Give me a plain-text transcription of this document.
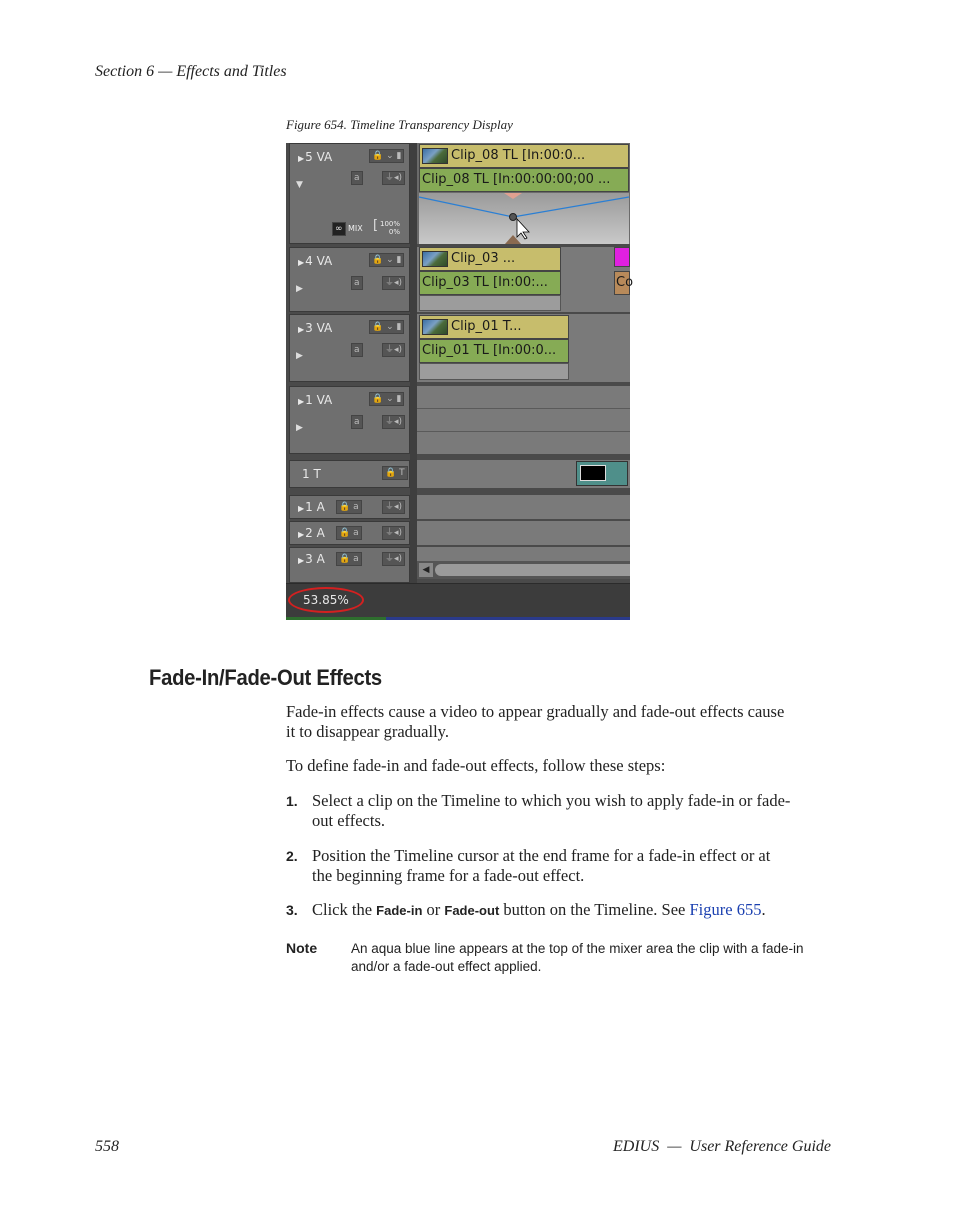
Section 6 — Effects and Titles
Figure 654. Timeline Transparency Display
▶5 VA	🔒 ⌄ ▮
a	⏚◂)
▼
∞ MIX [ 100%
0%
▶4 VA	🔒 ⌄ ▮
a	⏚◂)
▶
▶3 VA	🔒 ⌄ ▮
a	⏚◂)
▶
▶1 VA	🔒 ⌄ ▮
a	⏚◂)
▶
1 T	🔒 T
▶1 A	🔒 a	⏚◂)
▶2 A	🔒 a	⏚◂)
▶3 A	🔒 a	⏚◂)
Clip_08 TL [In:00:0...
Clip_08 TL [In:00:00:00;00 ...
Clip_03 ...
Clip_03 TL [In:00:...	Co
Clip_01 T...
Clip_01 TL [In:00:0...
◀
53.85%
Fade-In/Fade-Out Effects
Fade-in effects cause a video to appear gradually and fade-out effects cause
it to disappear gradually.
To define fade-in and fade-out effects, follow these steps:
1. Select a clip on the Timeline to which you wish to apply fade-in or fade-
out effects.
2. Position the Timeline cursor at the end frame for a fade-in effect or at
the beginning frame for a fade-out effect.
3. Click the Fade-in or Fade-out button on the Timeline. See Figure 655.
Note	An aqua blue line appears at the top of the mixer area the clip with a fade-in
and/or a fade-out effect applied.
558	EDIUS  —  User Reference Guide
